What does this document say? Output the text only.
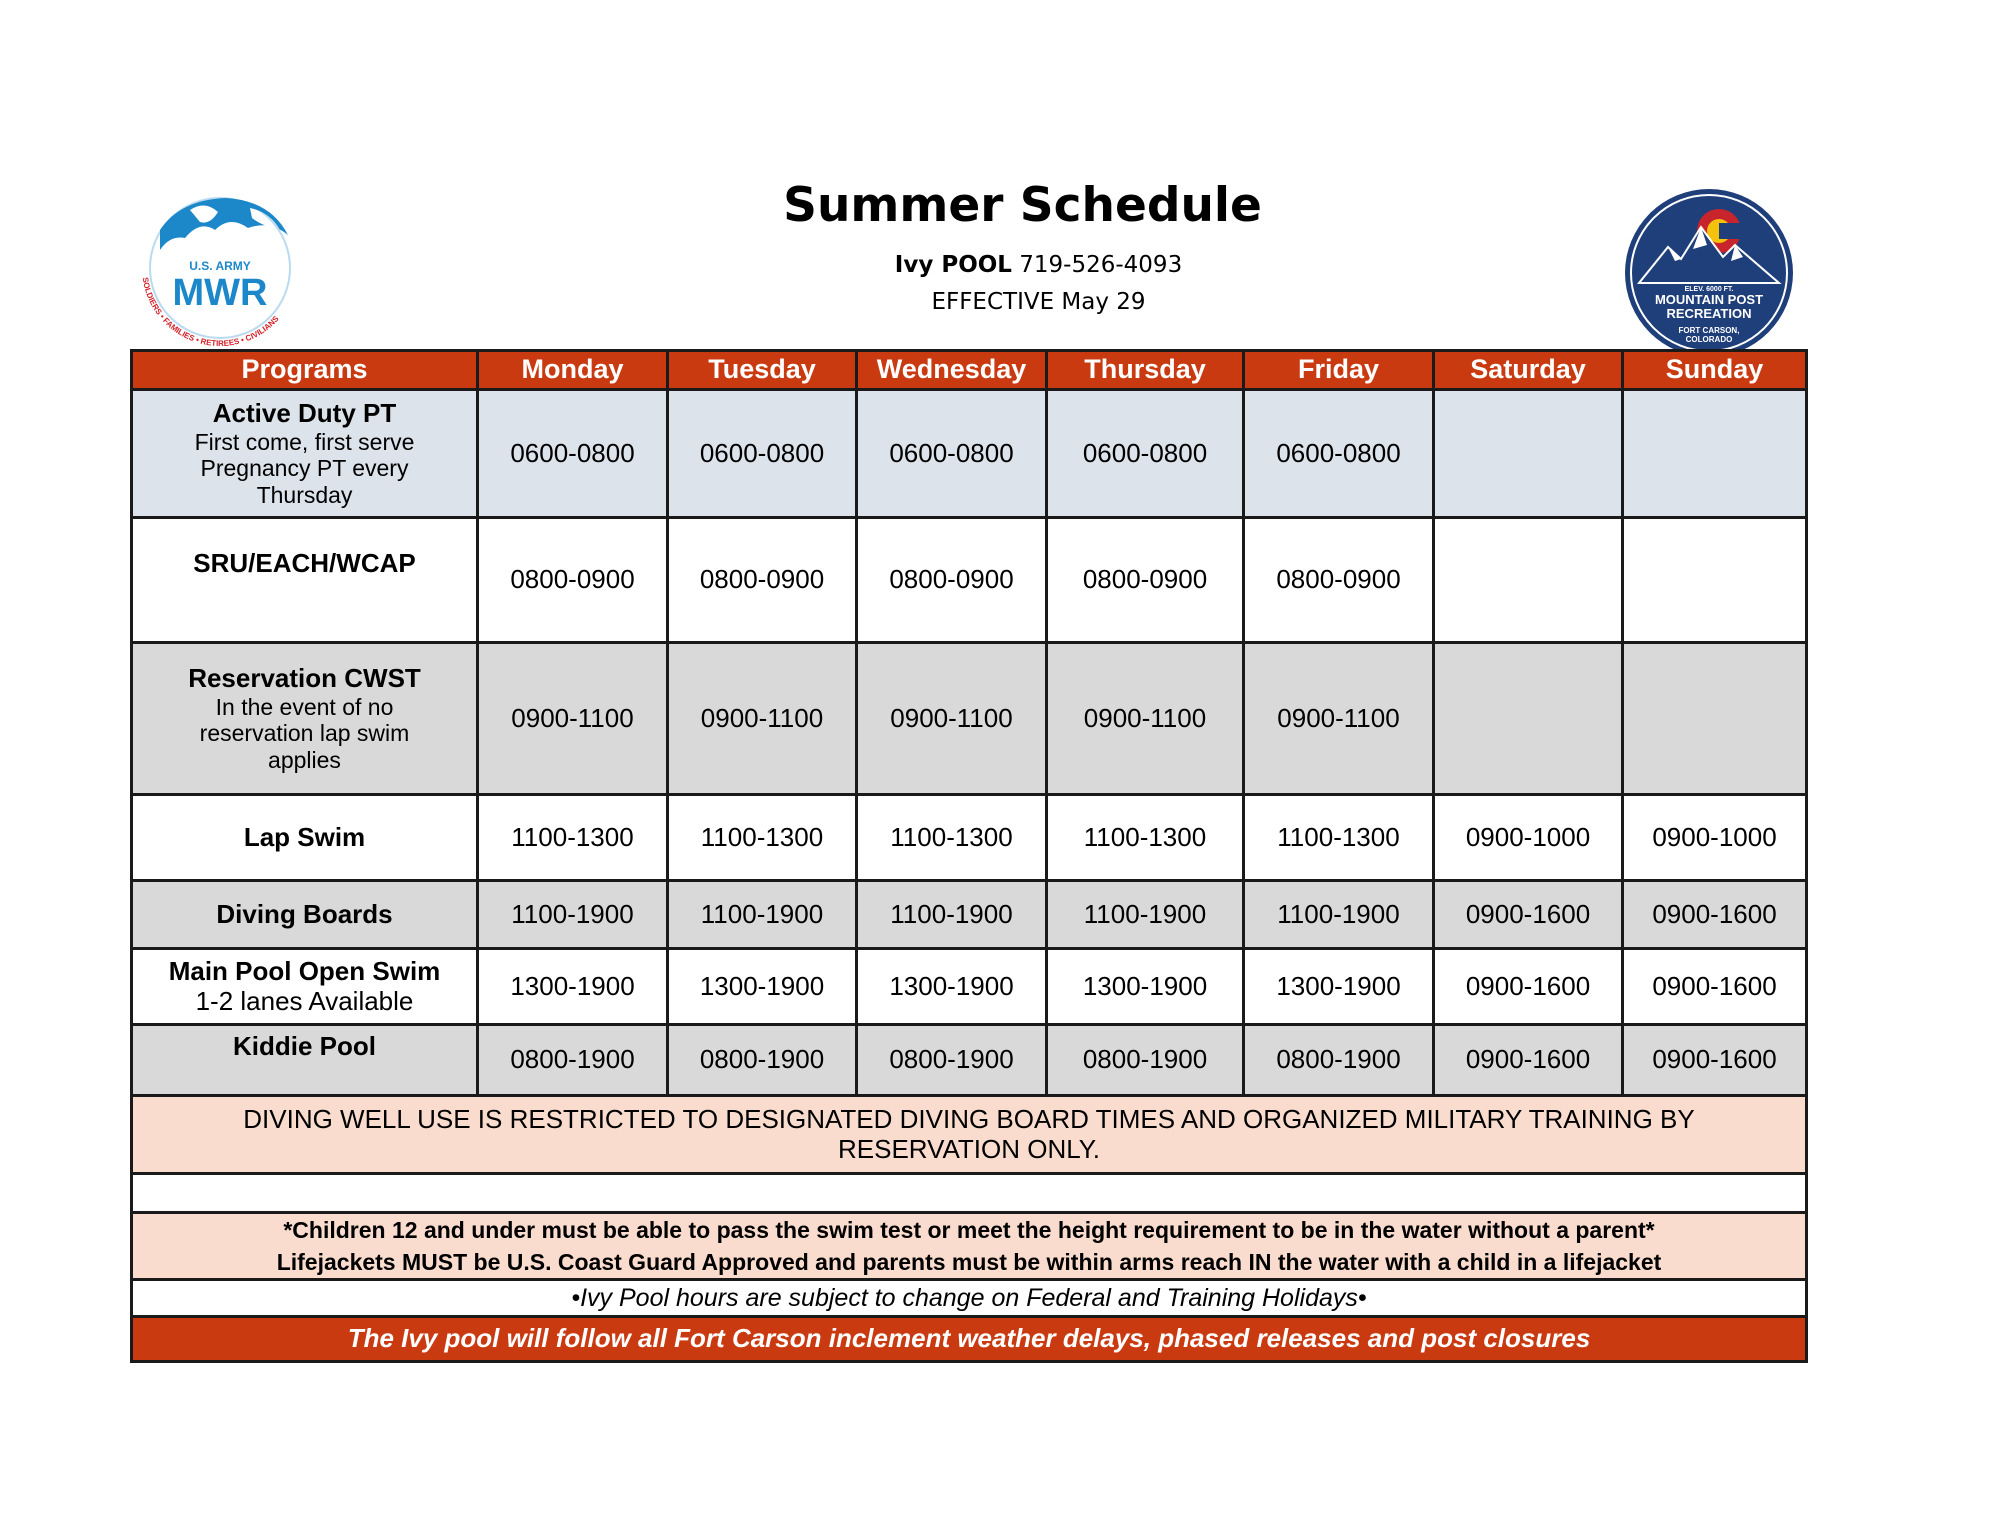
U.S. ARMY
MWR
SOLDIERS • FAMILIES • RETIREES • CIVILIANS
Summer Schedule
Ivy POOL 719-526-4093
EFFECTIVE May 29	ELEV. 6000 FT.
MOUNTAIN POST
RECREATION
FORT CARSON,
COLORADO
Programs	Monday	Tuesday	Wednesday	Thursday	Friday	Saturday	Sunday

Active Duty PT
First come, first serve
Pregnancy PT every
Thursday	0600-0800	0600-0800	0600-0800	0600-0800	0600-0800		

SRU/EACH/WCAP	0800-0900	0800-0900	0800-0900	0800-0900	0800-0900		

Reservation CWST
In the event of no
reservation lap swim
applies	0900-1100	0900-1100	0900-1100	0900-1100	0900-1100		

Lap Swim	1100-1300	1100-1300	1100-1300	1100-1300	1100-1300	0900-1000	0900-1000

Diving Boards	1100-1900	1100-1900	1100-1900	1100-1900	1100-1900	0900-1600	0900-1600

Main Pool Open Swim
1-2 lanes Available	1300-1900	1300-1900	1300-1900	1300-1900	1300-1900	0900-1600	0900-1600

Kiddie Pool	0800-1900	0800-1900	0800-1900	0800-1900	0800-1900	0900-1600	0900-1600
DIVING WELL USE IS RESTRICTED TO DESIGNATED DIVING BOARD TIMES AND ORGANIZED MILITARY TRAINING BY RESERVATION ONLY.							

*Children 12 and under must be able to pass the swim test or meet the height requirement to be in the water without a parent*
Lifejackets MUST be U.S. Coast Guard Approved and parents must be within arms reach IN the water with a child in a lifejacket							

•Ivy Pool hours are subject to change on Federal and Training Holidays•							
The Ivy pool will follow all Fort Carson inclement weather delays, phased releases and post closures							
